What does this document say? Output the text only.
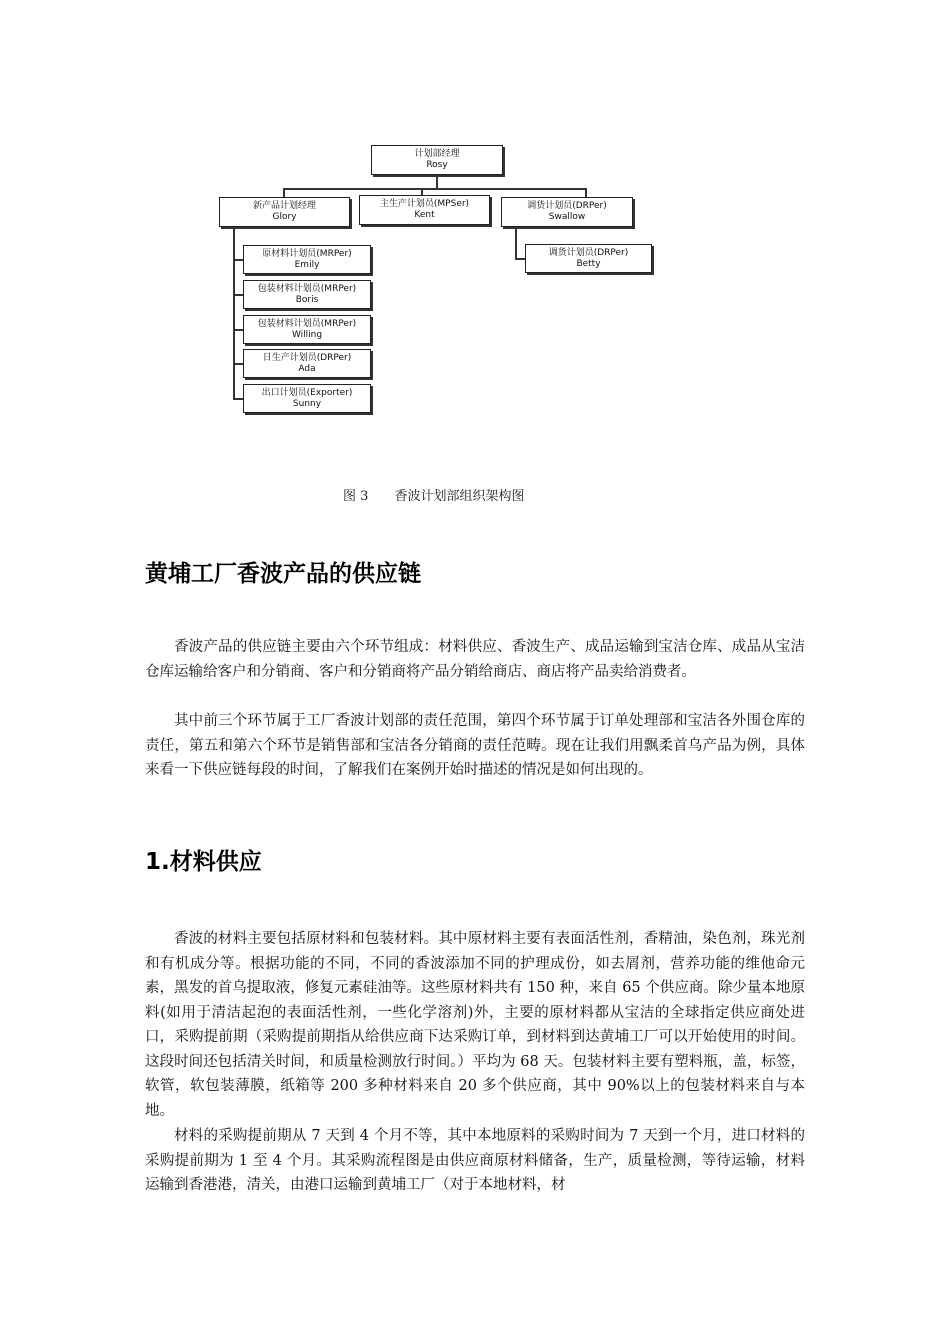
计划部经理
Rosy
新产品计划经理
Glory
主生产计划员(MPSer)
Kent
调货计划员(DRPer)
Swallow
原材料计划员(MRPer)
Emily
包装材料计划员(MRPer)
Boris
包装材料计划员(MRPer)
Willing
日生产计划员(DRPer)
Ada
出口计划员(Exporter)
Sunny
调货计划员(DRPer)
Betty
图 3 香波计划部组织架构图
黄埔工厂香波产品的供应链

香波产品的供应链主要由六个环节组成：材料供应、香波生产、成品运输到宝洁仓库、成品从宝洁仓库运输给客户和分销商、客户和分销商将产品分销给商店、商店将产品卖给消费者。

其中前三个环节属于工厂香波计划部的责任范围，第四个环节属于订单处理部和宝洁各外围仓库的责任，第五和第六个环节是销售部和宝洁各分销商的责任范畴。现在让我们用飘柔首乌产品为例，具体来看一下供应链每段的时间，了解我们在案例开始时描述的情况是如何出现的。

1.材料供应

香波的材料主要包括原材料和包装材料。其中原材料主要有表面活性剂，香精油，染色剂，珠光剂和有机成分等。根据功能的不同，不同的香波添加不同的护理成份，如去屑剂，营养功能的维他命元素，黑发的首乌提取液，修复元素硅油等。这些原材料共有 150 种，来自 65 个供应商。除少量本地原料(如用于清洁起泡的表面活性剂，一些化学溶剂)外，主要的原材料都从宝洁的全球指定供应商处进口，采购提前期（采购提前期指从给供应商下达采购订单，到材料到达黄埔工厂可以开始使用的时间。这段时间还包括清关时间，和质量检测放行时间。）平均为 68 天。包装材料主要有塑料瓶，盖，标签，软管，软包装薄膜，纸箱等 200 多种材料来自 20 多个供应商，其中 90%以上的包装材料来自与本地。

材料的采购提前期从 7 天到 4 个月不等，其中本地原料的采购时间为 7 天到一个月，进口材料的采购提前期为 1 至 4 个月。其采购流程图是由供应商原材料储备，生产，质量检测，等待运输，材料运输到香港港，清关，由港口运输到黄埔工厂（对于本地材料，材
